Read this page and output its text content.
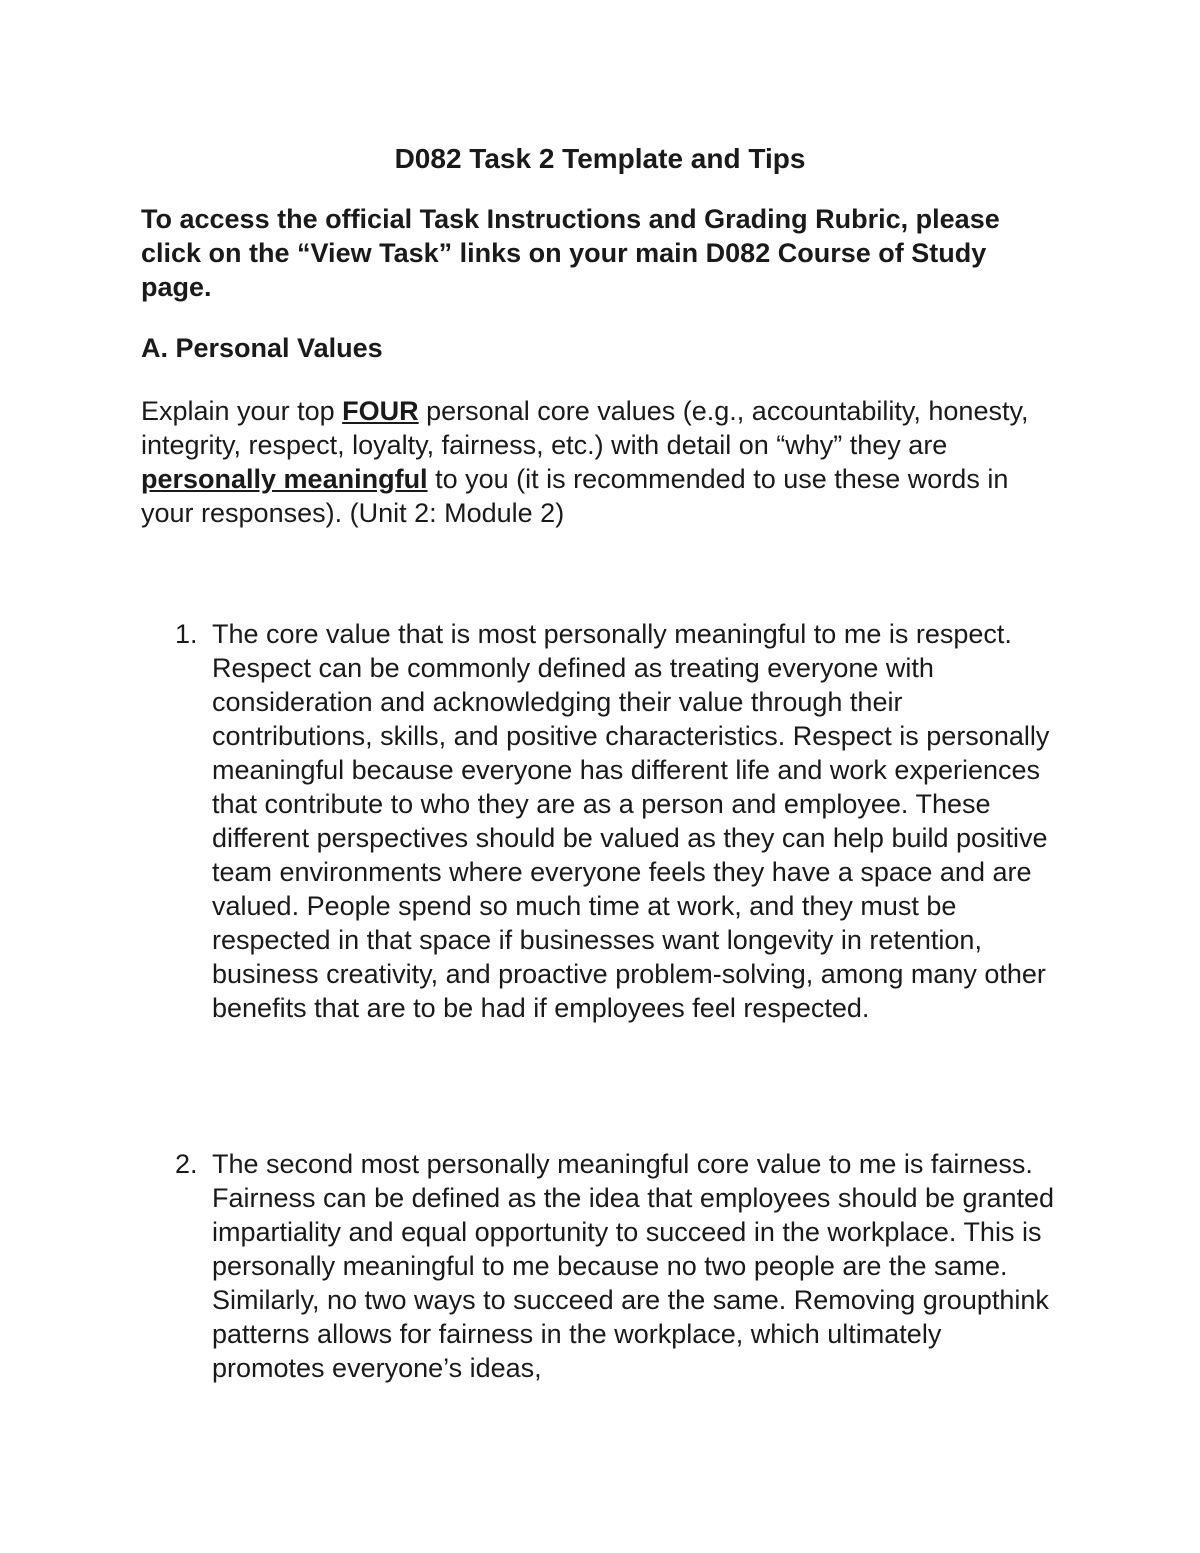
D082 Task 2 Template and Tips

To access the official Task Instructions and Grading Rubric, please click on the “View Task” links on your main D082 Course of Study page.

A. Personal Values

Explain your top FOUR personal core values (e.g., accountability, honesty, integrity, respect, loyalty, fairness, etc.) with detail on “why” they are personally meaningful to you (it is recommended to use these words in your responses). (Unit 2: Module 2)

1. The core value that is most personally meaningful to me is respect. Respect can be commonly defined as treating everyone with consideration and acknowledging their value through their contributions, skills, and positive characteristics. Respect is personally meaningful because everyone has different life and work experiences that contribute to who they are as a person and employee. These different perspectives should be valued as they can help build positive team environments where everyone feels they have a space and are valued. People spend so much time at work, and they must be respected in that space if businesses want longevity in retention, business creativity, and proactive problem-solving, among many other benefits that are to be had if employees feel respected.
2. The second most personally meaningful core value to me is fairness. Fairness can be defined as the idea that employees should be granted impartiality and equal opportunity to succeed in the workplace. This is personally meaningful to me because no two people are the same. Similarly, no two ways to succeed are the same. Removing groupthink patterns allows for fairness in the workplace, which ultimately promotes everyone’s ideas,
